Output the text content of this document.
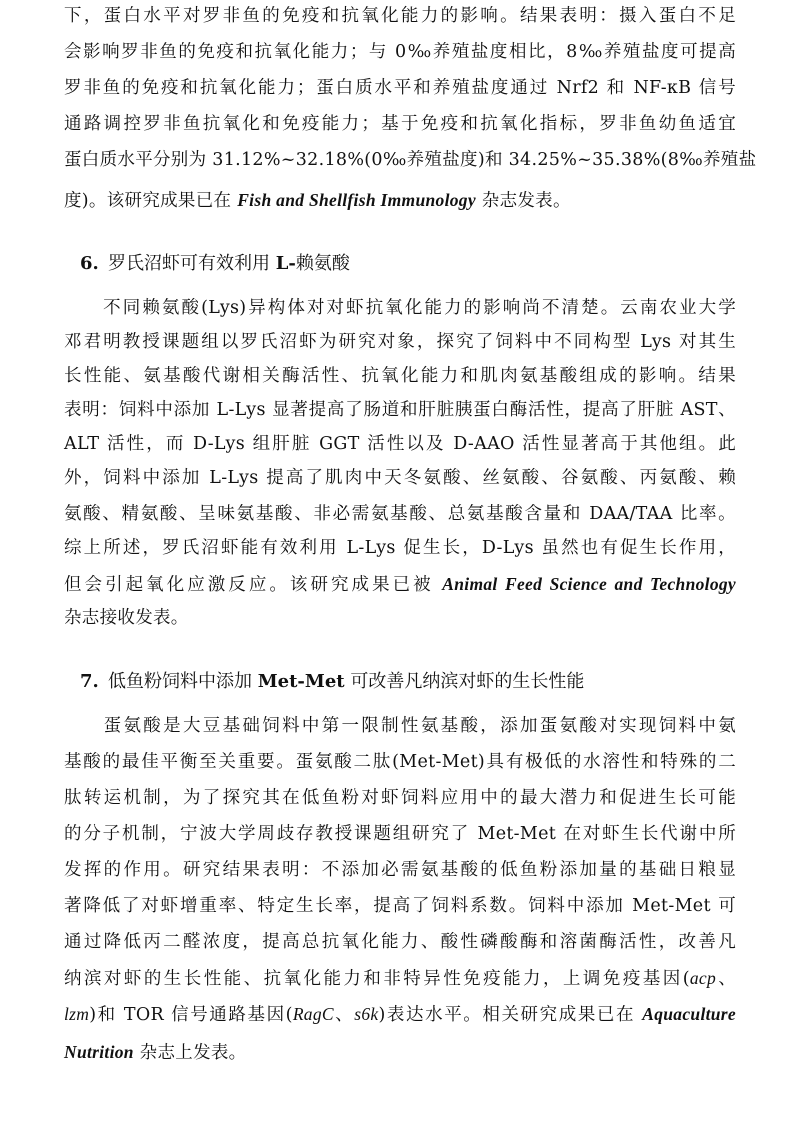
下，蛋白水平对罗非鱼的免疫和抗氧化能力的影响。结果表明：摄入蛋白不足
会影响罗非鱼的免疫和抗氧化能力；与 0‰养殖盐度相比，8‰养殖盐度可提高
罗非鱼的免疫和抗氧化能力；蛋白质水平和养殖盐度通过 Nrf2 和 NF-κB 信号
通路调控罗非鱼抗氧化和免疫能力；基于免疫和抗氧化指标，罗非鱼幼鱼适宜
蛋白质水平分别为 31.12%~32.18%(0‰养殖盐度)和 34.25%~35.38%(8‰养殖盐
度)。该研究成果已在 Fish and Shellfish Immunology 杂志发表。
6. 罗氏沼虾可有效利用 L-赖氨酸
　　不同赖氨酸(Lys)异构体对对虾抗氧化能力的影响尚不清楚。云南农业大学
邓君明教授课题组以罗氏沼虾为研究对象，探究了饲料中不同构型 Lys 对其生
长性能、氨基酸代谢相关酶活性、抗氧化能力和肌肉氨基酸组成的影响。结果
表明：饲料中添加 L-Lys 显著提高了肠道和肝脏胰蛋白酶活性，提高了肝脏 AST、
ALT 活性，而 D-Lys 组肝脏 GGT 活性以及 D-AAO 活性显著高于其他组。此
外，饲料中添加 L-Lys 提高了肌肉中天冬氨酸、丝氨酸、谷氨酸、丙氨酸、赖
氨酸、精氨酸、呈味氨基酸、非必需氨基酸、总氨基酸含量和 DAA/TAA 比率。
综上所述，罗氏沼虾能有效利用 L-Lys 促生长，D-Lys 虽然也有促生长作用，
但会引起氧化应激反应。该研究成果已被 Animal Feed Science and Technology
杂志接收发表。
7. 低鱼粉饲料中添加 Met-Met 可改善凡纳滨对虾的生长性能
　　蛋氨酸是大豆基础饲料中第一限制性氨基酸，添加蛋氨酸对实现饲料中氨
基酸的最佳平衡至关重要。蛋氨酸二肽(Met-Met)具有极低的水溶性和特殊的二
肽转运机制，为了探究其在低鱼粉对虾饲料应用中的最大潜力和促进生长可能
的分子机制，宁波大学周歧存教授课题组研究了 Met-Met 在对虾生长代谢中所
发挥的作用。研究结果表明：不添加必需氨基酸的低鱼粉添加量的基础日粮显
著降低了对虾增重率、特定生长率，提高了饲料系数。饲料中添加 Met-Met 可
通过降低丙二醛浓度，提高总抗氧化能力、酸性磷酸酶和溶菌酶活性，改善凡
纳滨对虾的生长性能、抗氧化能力和非特异性免疫能力，上调免疫基因(acp、
lzm)和 TOR 信号通路基因(RagC、s6k)表达水平。相关研究成果已在 Aquaculture
Nutrition 杂志上发表。
